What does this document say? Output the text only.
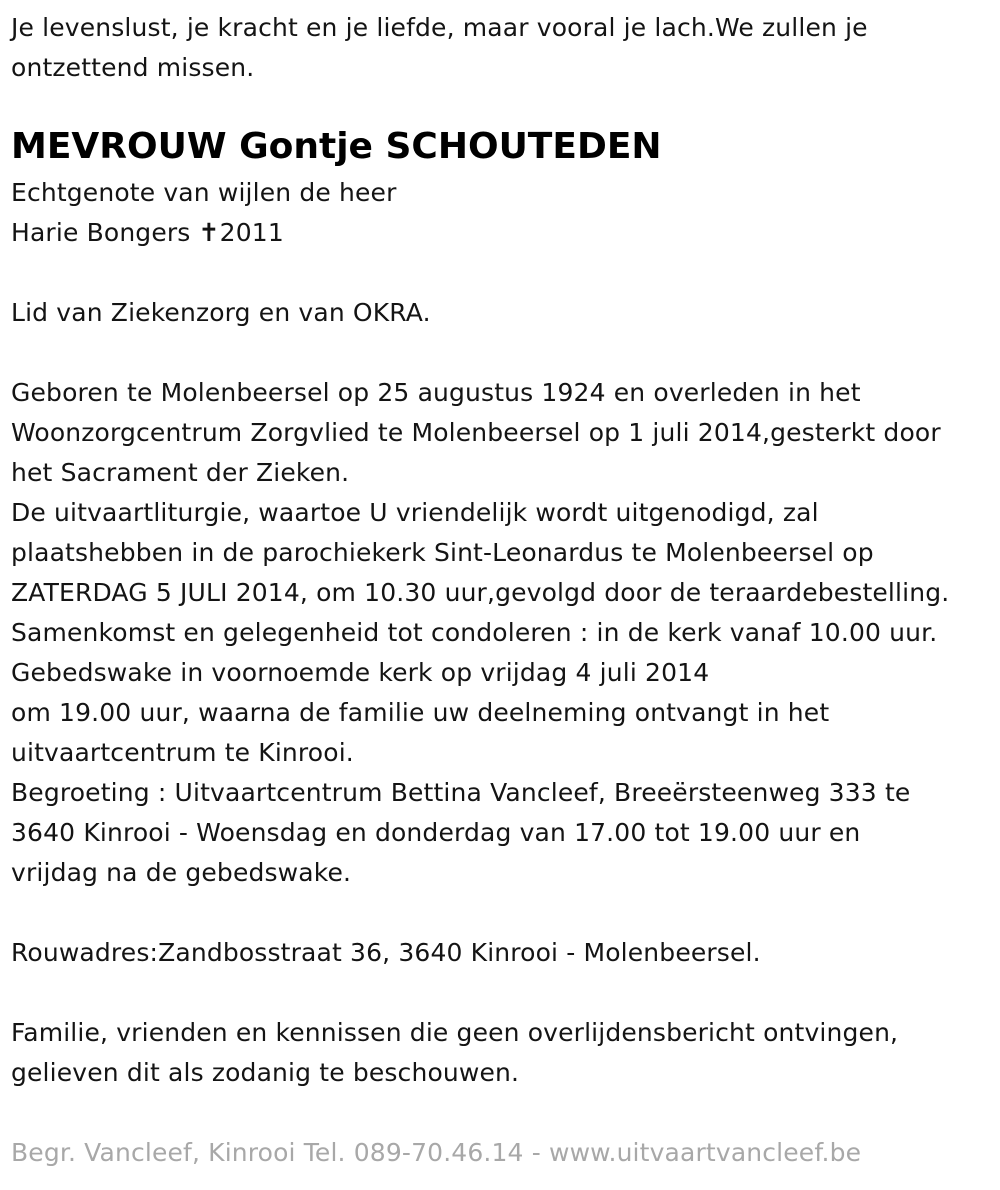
Je levenslust, je kracht en je liefde, maar vooral je lach.We zullen je
ontzettend missen.
MEVROUW Gontje SCHOUTEDEN
Echtgenote van wijlen de heer
Harie Bongers ✝2011
Lid van Ziekenzorg en van OKRA.
Geboren te Molenbeersel op 25 augustus 1924 en overleden in het
Woonzorgcentrum Zorgvlied te Molenbeersel op 1 juli 2014,gesterkt door
het Sacrament der Zieken.
De uitvaartliturgie, waartoe U vriendelijk wordt uitgenodigd, zal
plaatshebben in de parochiekerk Sint-Leonardus te Molenbeersel op
ZATERDAG 5 JULI 2014, om 10.30 uur,gevolgd door de teraardebestelling.
Samenkomst en gelegenheid tot condoleren : in de kerk vanaf 10.00 uur.
Gebedswake in voornoemde kerk op vrijdag 4 juli 2014
om 19.00 uur, waarna de familie uw deelneming ontvangt in het
uitvaartcentrum te Kinrooi.
Begroeting : Uitvaartcentrum Bettina Vancleef, Breeërsteenweg 333 te
3640 Kinrooi - Woensdag en donderdag van 17.00 tot 19.00 uur en
vrijdag na de gebedswake.
Rouwadres:Zandbosstraat 36, 3640 Kinrooi - Molenbeersel.
Familie, vrienden en kennissen die geen overlijdensbericht ontvingen,
gelieven dit als zodanig te beschouwen.
Begr. Vancleef, Kinrooi Tel. 089-70.46.14 - www.uitvaartvancleef.be
